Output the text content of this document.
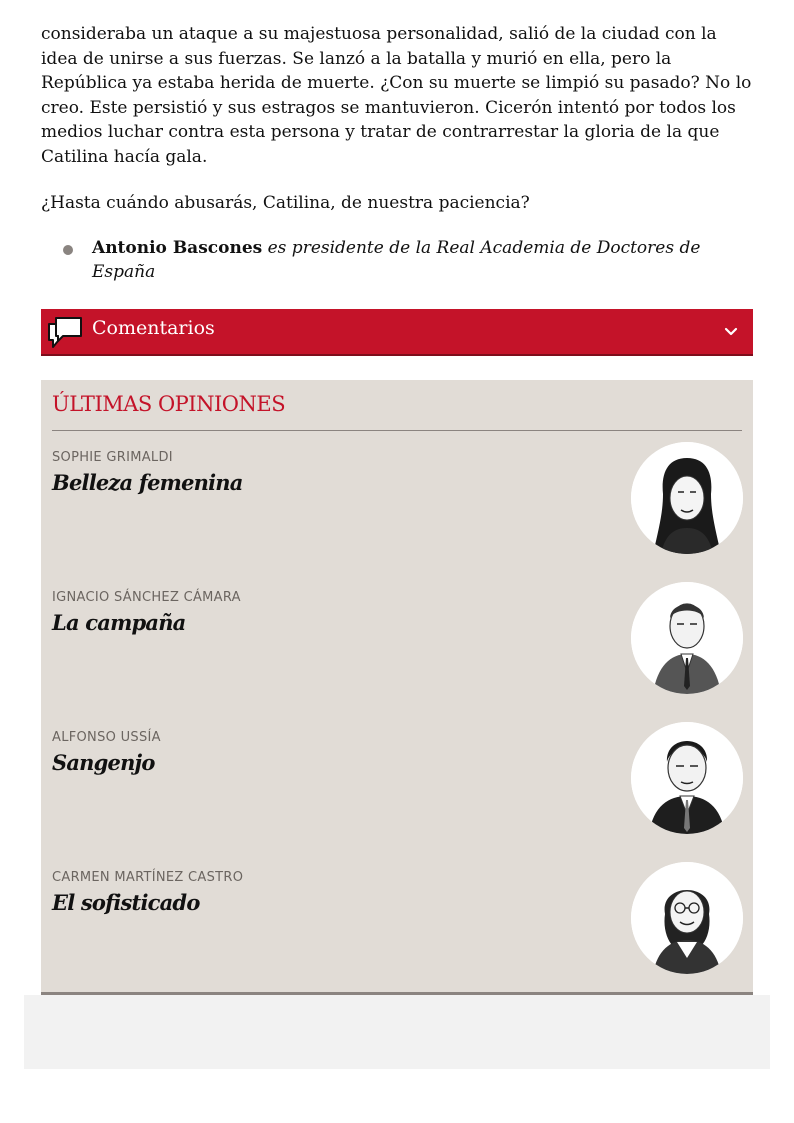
consideraba un ataque a su majestuosa personalidad, salió de la ciudad con la idea de unirse a sus fuerzas. Se lanzó a la batalla y murió en ella, pero la República ya estaba herida de muerte. ¿Con su muerte se limpió su pasado? No lo creo. Este persistió y sus estragos se mantuvieron. Cicerón intentó por todos los medios luchar contra esta persona y tratar de contrarrestar la gloria de la que Catilina hacía gala.

¿Hasta cuándo abusarás, Catilina, de nuestra paciencia?

Antonio Bascones es presidente de la Real Academia de Doctores de España
Comentarios
ÚLTIMAS OPINIONES
SOPHIE GRIMALDI
Belleza femenina
IGNACIO SÁNCHEZ CÁMARA
La campaña
ALFONSO USSÍA
Sangenjo
CARMEN MARTÍNEZ CASTRO
El sofisticado
